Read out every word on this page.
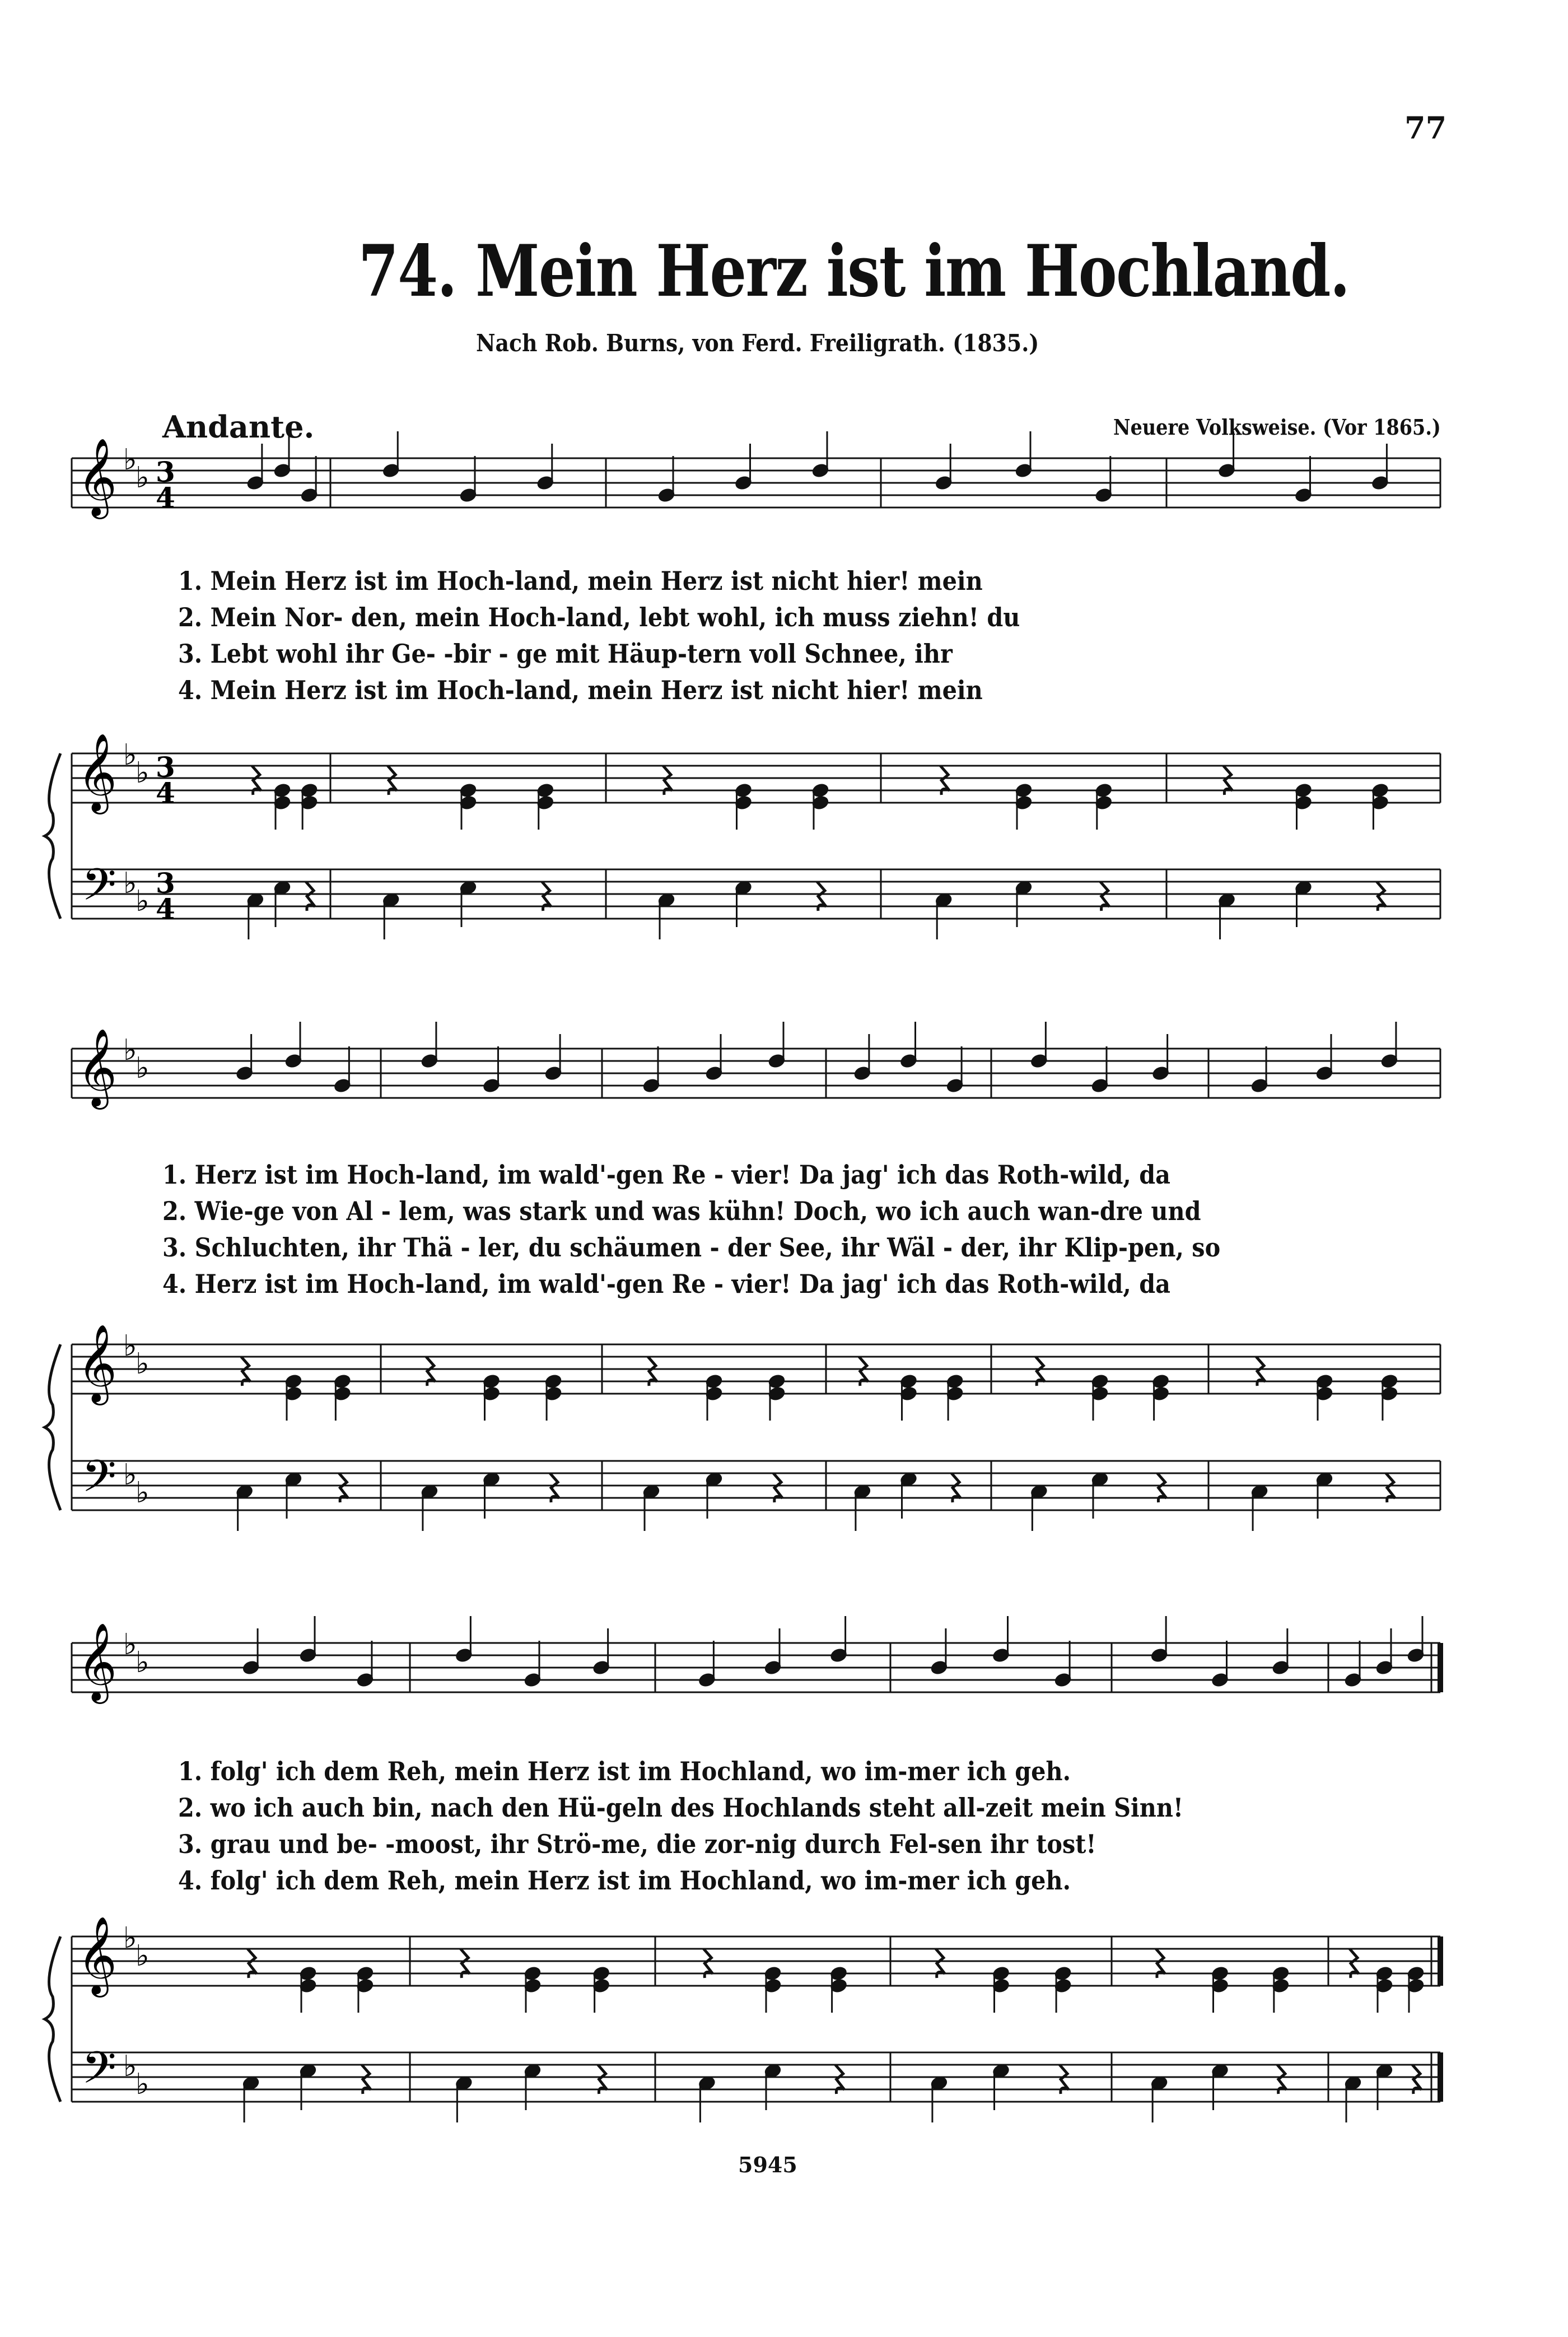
77
74. Mein Herz ist im Hochland.
Nach Rob. Burns, von Ferd. Freiligrath. (1835.)
Andante.	Neuere Volksweise. (Vor 1865.)
𝄞
𝄞
𝄢
♭
♭
♭
♭
♭
♭
3
4
3
4
3
4
𝄞
𝄞
𝄢
♭
♭
♭
♭
♭
♭
𝄞
𝄞
𝄢
♭
♭
♭
♭
♭
♭
1. Mein Herz ist im Hoch-land, mein Herz ist nicht hier! mein
2. Mein Nor- den, mein Hoch-land, lebt wohl, ich muss ziehn! du
3. Lebt wohl ihr Ge- -bir - ge mit Häup-tern voll Schnee, ihr
4. Mein Herz ist im Hoch-land, mein Herz ist nicht hier! mein
1. Herz ist im Hoch-land, im wald'-gen Re - vier! Da jag' ich das Roth-wild, da
2. Wie-ge von Al - lem, was stark und was kühn! Doch, wo ich auch wan-dre und
3. Schluchten, ihr Thä - ler, du schäumen - der See, ihr Wäl - der, ihr Klip-pen, so
4. Herz ist im Hoch-land, im wald'-gen Re - vier! Da jag' ich das Roth-wild, da
1. folg' ich dem Reh, mein Herz ist im Hochland, wo im-mer ich geh.
2. wo ich auch bin, nach den Hü-geln des Hochlands steht all-zeit mein Sinn!
3. grau und be- -moost, ihr Strö-me, die zor-nig durch Fel-sen ihr tost!
4. folg' ich dem Reh, mein Herz ist im Hochland, wo im-mer ich geh.
5945
